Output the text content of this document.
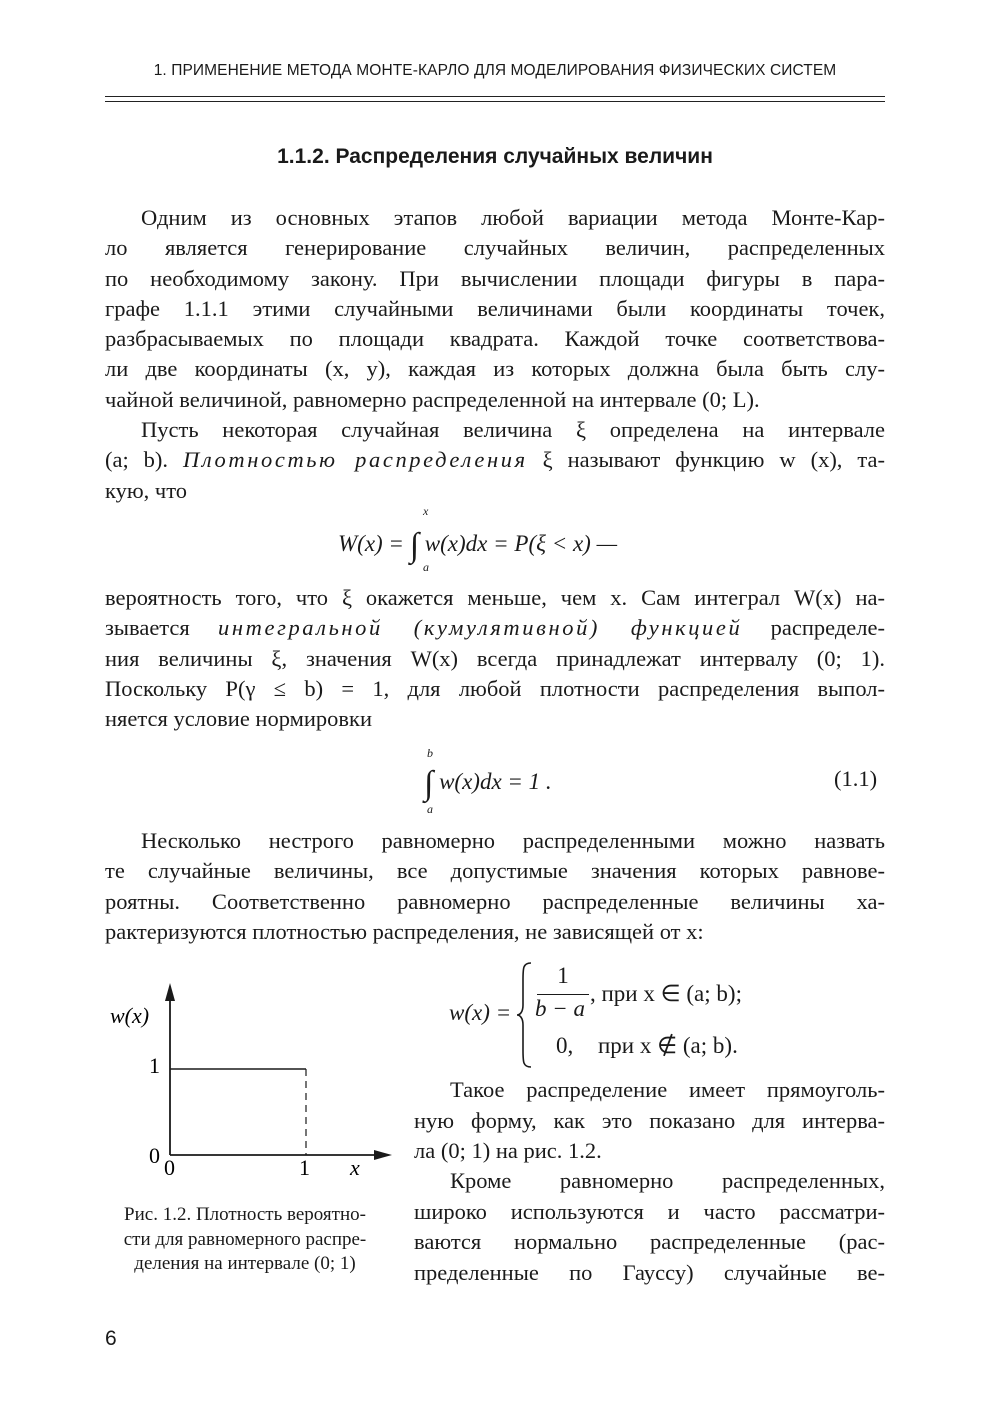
1. ПРИМЕНЕНИЕ МЕТОДА МОНТЕ-КАРЛО ДЛЯ МОДЕЛИРОВАНИЯ ФИЗИЧЕСКИХ СИСТЕМ
1.1.2. Распределения случайных величин
Одним из основных этапов любой вариации метода Монте-Кар-
ло является генерирование случайных величин, распределенных
по необходимому закону. При вычислении площади фигуры в пара-
графе 1.1.1 этими случайными величинами были координаты точек,
разбрасываемых по площади квадрата. Каждой точке соответствова-
ли две координаты (x, y), каждая из которых должна была быть слу-
чайной величиной, равномерно распределенной на интервале (0; L).
Пусть некоторая случайная величина ξ определена на интервале
(a; b). Плотностью распределения ξ называют функцию w (x), та-
кую, что
W(x) = ∫ w(x)dx = P(ξ < x) —
x
a
вероятность того, что ξ окажется меньше, чем x. Сам интеграл W(x) на-
зывается интегральной (кумулятивной) функцией распределе-
ния величины ξ, значения W(x) всегда принадлежат интервалу (0; 1).
Поскольку P(γ ≤ b) = 1, для любой плотности распределения выпол-
няется условие нормировки
∫ w(x)dx = 1 .
b
a
(1.1)
Несколько нестрого равномерно распределенными можно назвать
те случайные величины, все допустимые значения которых равнове-
роятны. Соответственно равномерно распределенные величины ха-
рактеризуются плотностью распределения, не зависящей от x:
w(x)
1
0 0	1 x
Рис. 1.2. Плотность вероятно-
сти для равномерного распре-
деления на интервале (0; 1)
w(x) =
1
b − a
, при x ∈ (a; b);
0, при x ∉ (a; b).
Такое распределение имеет прямоуголь-
ную форму, как это показано для интерва-
ла (0; 1) на рис. 1.2.
Кроме равномерно распределенных,
широко используются и часто рассматри-
ваются нормально распределенные (рас-
пределенные по Гауссу) случайные ве-
6
